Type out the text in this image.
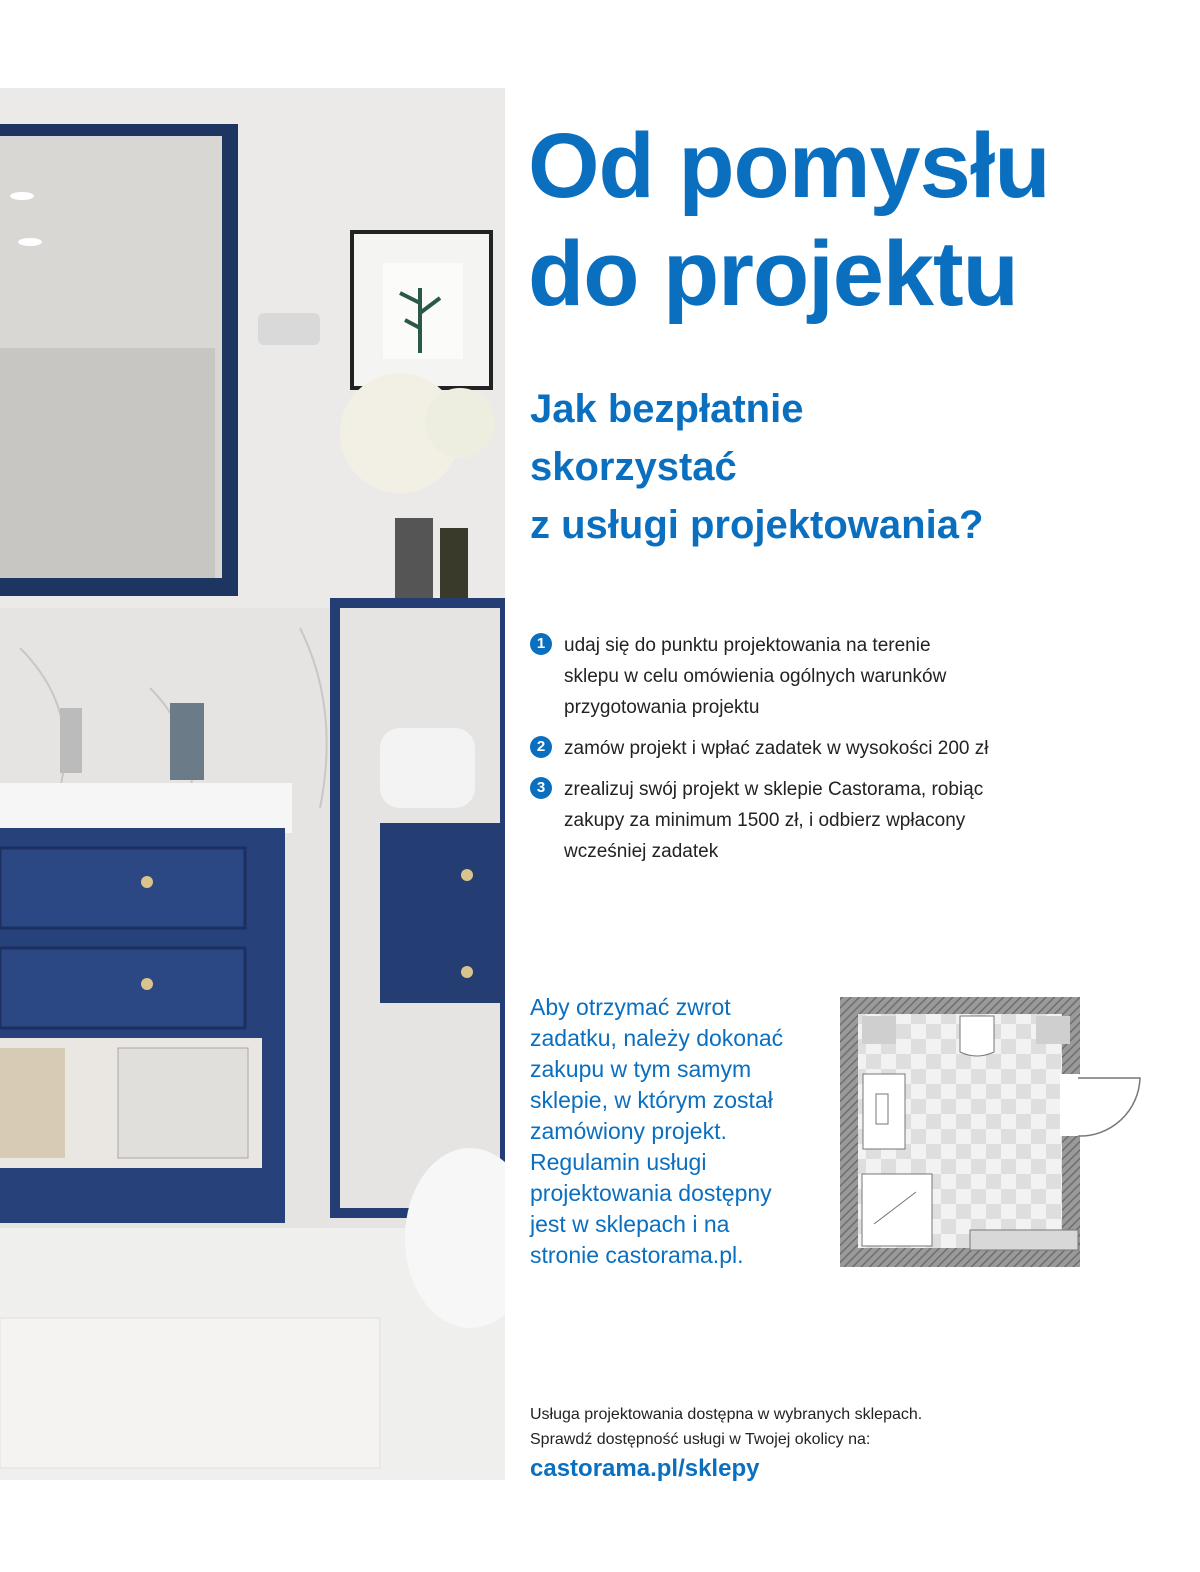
Od pomysłu
do projektu
Jak bezpłatnie
skorzystać
z usługi projektowania?
1 udaj się do punktu projektowania na terenie
sklepu w celu omówienia ogólnych warunków
przygotowania projektu
2 zamów projekt i wpłać zadatek w wysokości 200 zł
3 zrealizuj swój projekt w sklepie Castorama, robiąc
zakupy za minimum 1500 zł, i odbierz wpłacony
wcześniej zadatek
Aby otrzymać zwrot
zadatku, należy dokonać
zakupu w tym samym
sklepie, w którym został
zamówiony projekt.
Regulamin usługi
projektowania dostępny
jest w sklepach i na
stronie castorama.pl.
Usługa projektowania dostępna w wybranych sklepach.
Sprawdź dostępność usługi w Twojej okolicy na:
castorama.pl/sklepy
